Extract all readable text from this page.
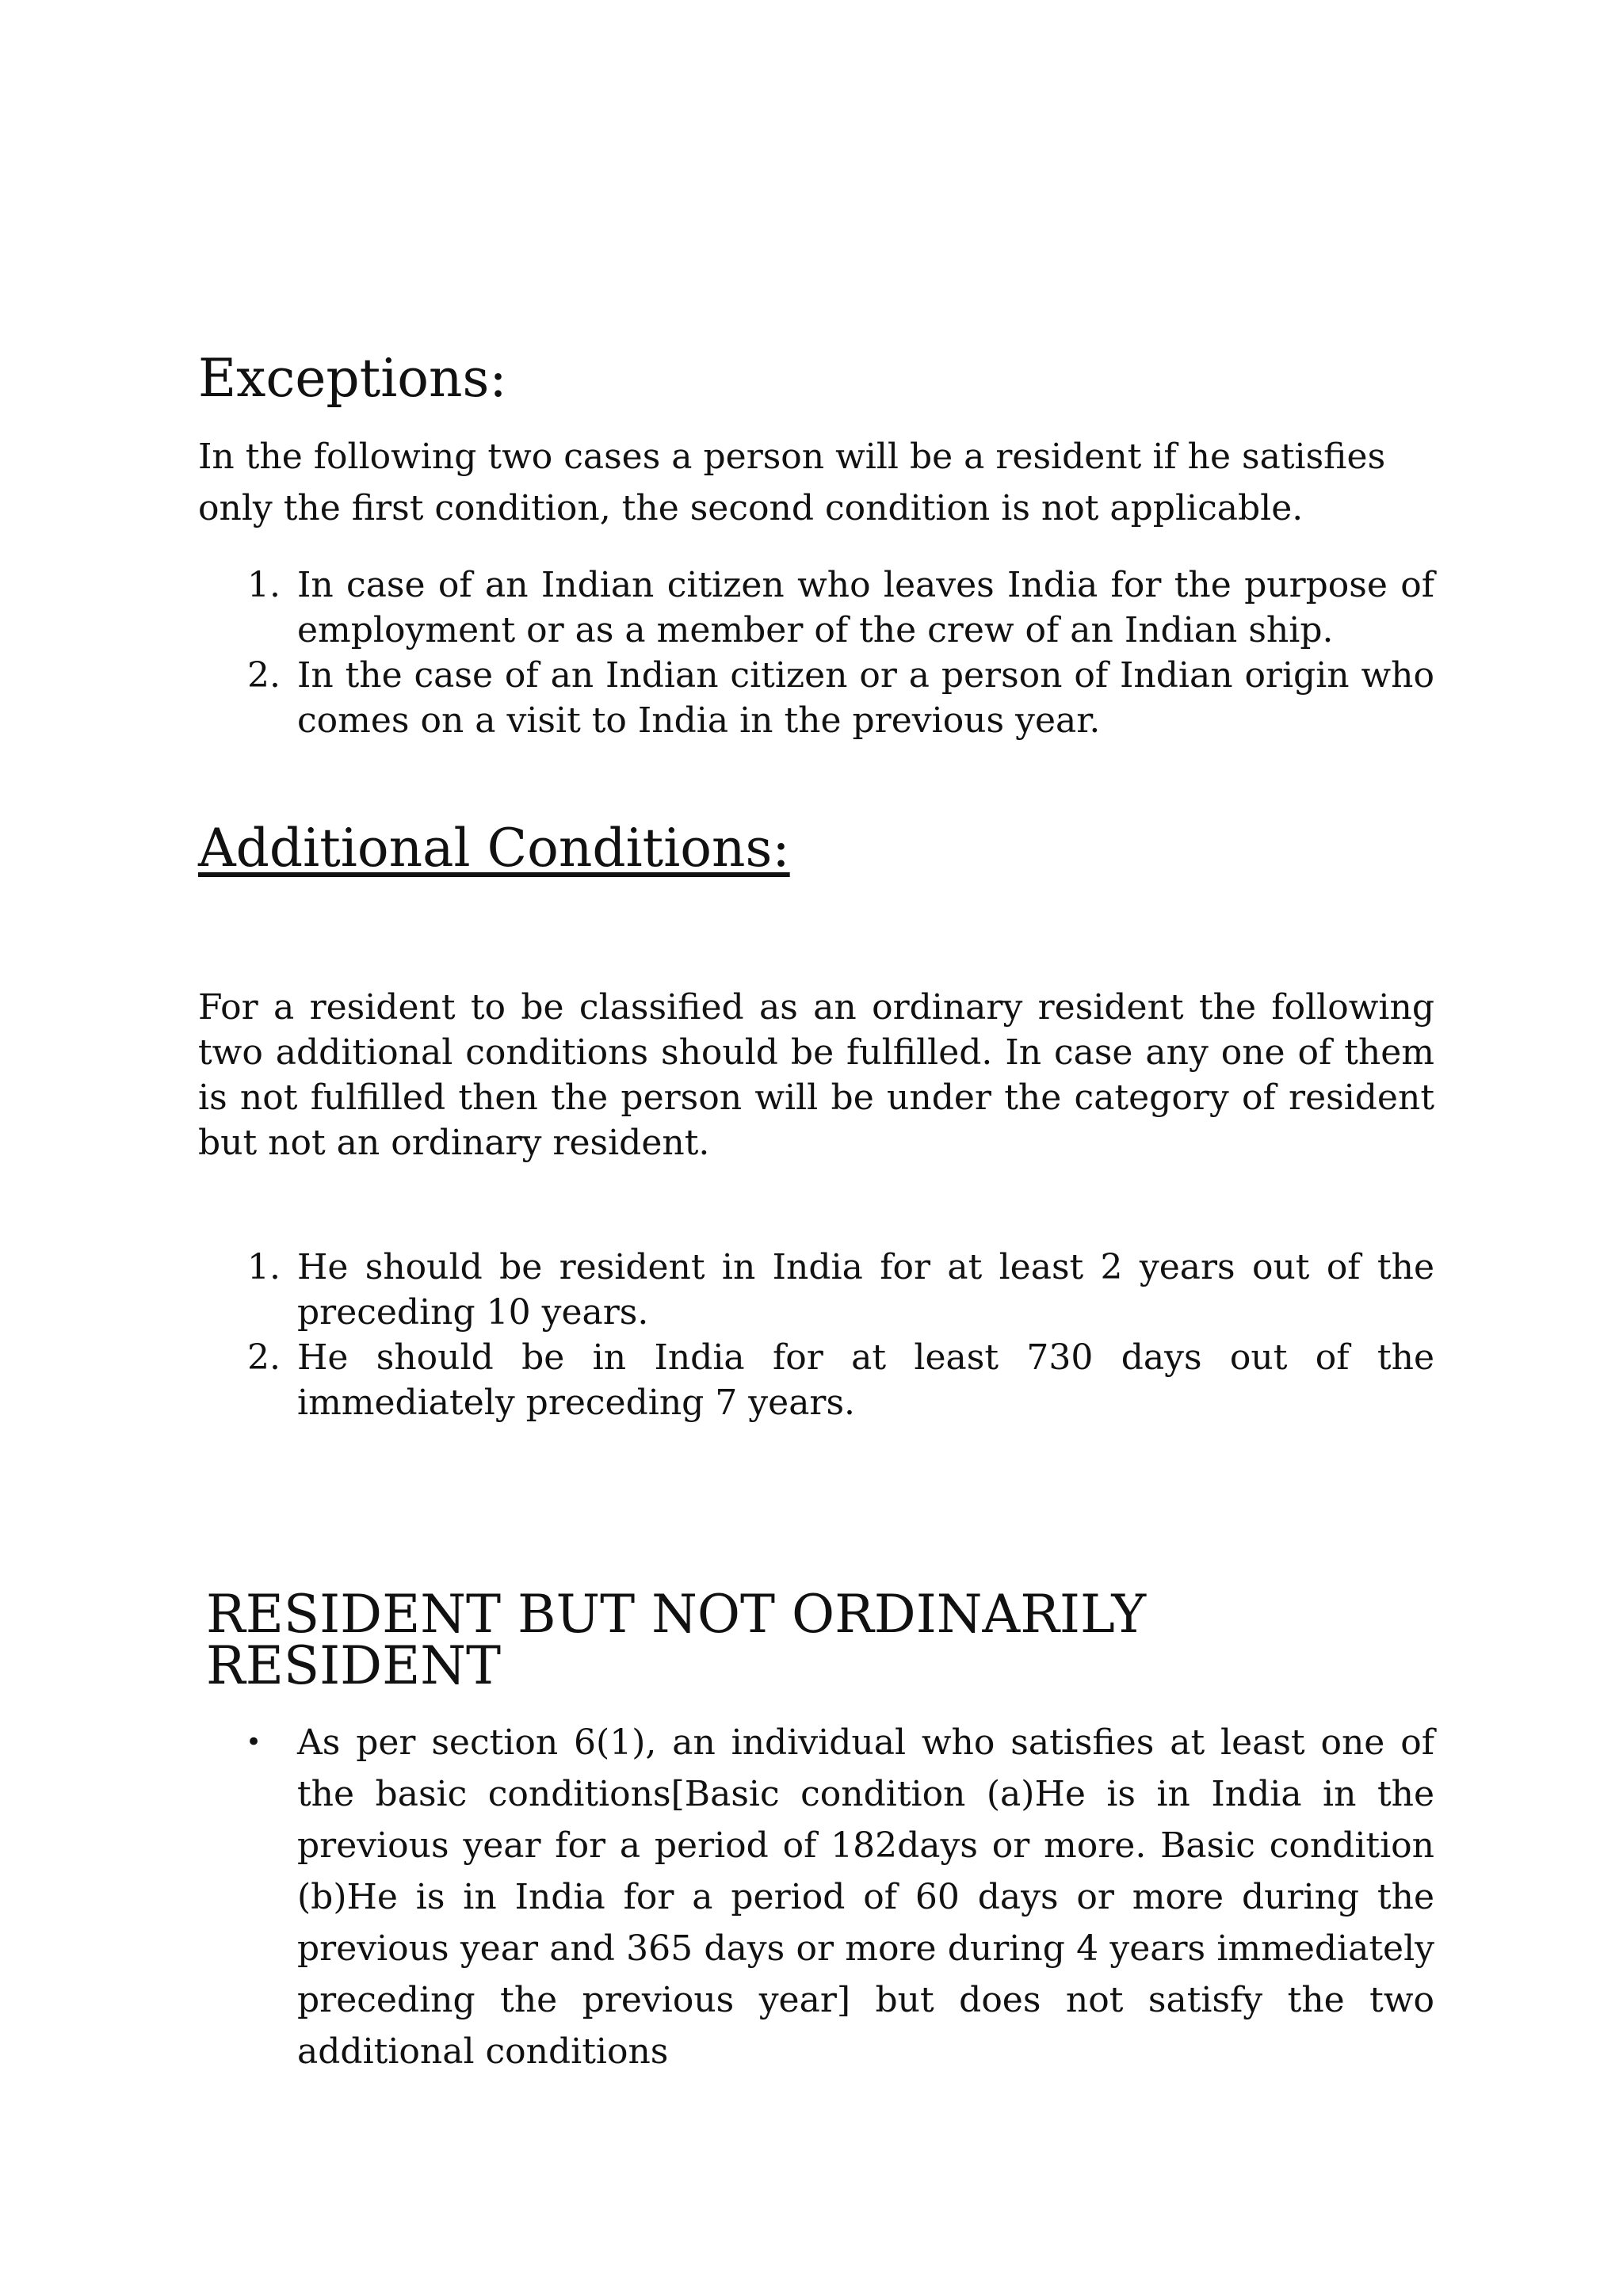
Exceptions:

In the following two cases a person will be a resident if he satisfies only the first condition, the second condition is not applicable.

1. In case of an Indian citizen who leaves India for the purpose of employment or as a member of the crew of an Indian ship.
2. In the case of an Indian citizen or a person of Indian origin who comes on a visit to India in the previous year.
Additional Conditions:

For a resident to be classified as an ordinary resident the following two additional conditions should be fulfilled. In case any one of them is not fulfilled then the person will be under the category of resident but not an ordinary resident.

1. He should be resident in India for at least 2 years out of the preceding 10 years.
2. He should be in India for at least 730 days out of the immediately preceding 7 years.
RESIDENT BUT NOT ORDINARILY RESIDENT
• As per section 6(1), an individual who satisfies at least one of the basic conditions[Basic condition (a)He is in India in the previous year for a period of 182days or more. Basic condition (b)He is in India for a period of 60 days or more during the previous year and 365 days or more during 4 years immediately preceding the previous year] but does not satisfy the two additional conditions
